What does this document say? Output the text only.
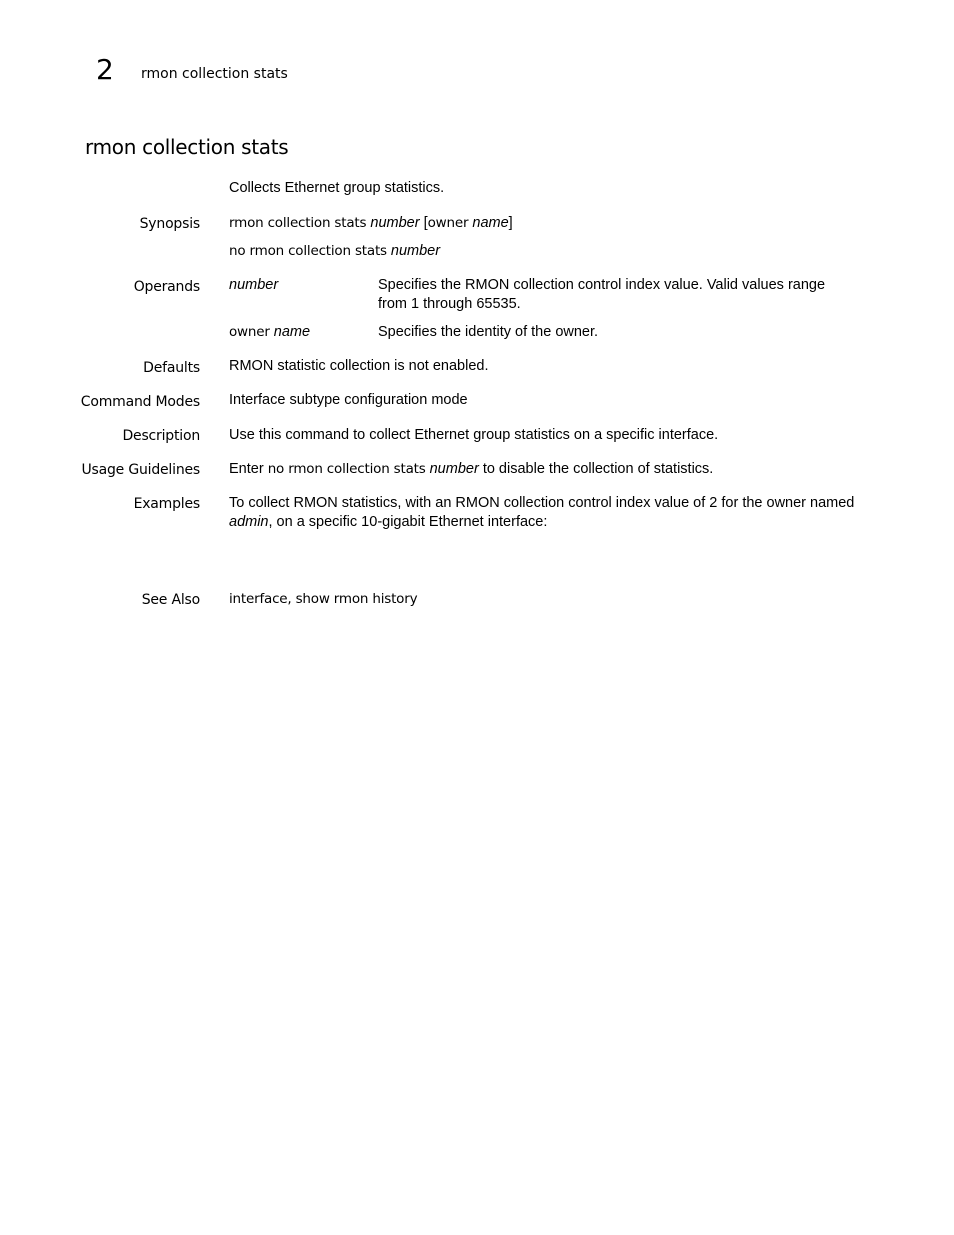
2 rmon collection stats
rmon collection stats
Collects Ethernet group statistics.
Synopsis rmon collection stats number [owner name]
no rmon collection stats number
Operands number	Specifies the RMON collection control index value. Valid values range from 1 through 65535.
owner name	Specifies the identity of the owner.
Defaults RMON statistic collection is not enabled.
Command Modes Interface subtype configuration mode
Description Use this command to collect Ethernet group statistics on a specific interface.
Usage Guidelines Enter no rmon collection stats number to disable the collection of statistics.
Examples To collect RMON statistics, with an RMON collection control index value of 2 for the owner named admin, on a specific 10-gigabit Ethernet interface:
See Also interface, show rmon history
